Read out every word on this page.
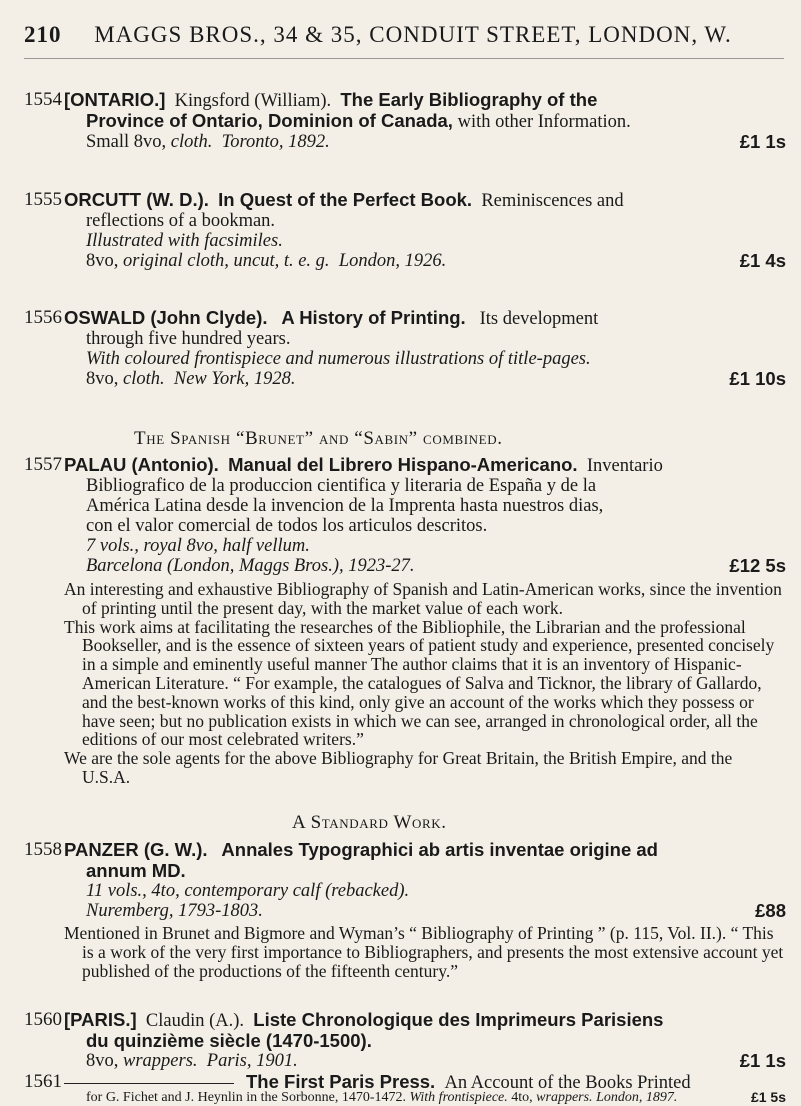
210 MAGGS BROS., 34 & 35, CONDUIT STREET, LONDON, W.
1554 [ONTARIO.] Kingsford (William). The Early Bibliography of the
Province of Ontario, Dominion of Canada, with other Information.
Small 8vo, cloth. Toronto, 1892.	£1 1s
1555 ORCUTT (W. D.). In Quest of the Perfect Book. Reminiscences and
reflections of a bookman.
Illustrated with facsimiles.
8vo, original cloth, uncut, t. e. g. London, 1926.	£1 4s
1556 OSWALD (John Clyde). A History of Printing. Its development
through five hundred years.
With coloured frontispiece and numerous illustrations of title-pages.
8vo, cloth. New York, 1928.	£1 10s
The Spanish “Brunet” and “Sabin” combined.
1557 PALAU (Antonio). Manual del Librero Hispano-Americano. Inventario
Bibliografico de la produccion cientifica y literaria de España y de la
América Latina desde la invencion de la Imprenta hasta nuestros dias,
con el valor comercial de todos los articulos descritos.
7 vols., royal 8vo, half vellum.
Barcelona (London, Maggs Bros.), 1923-27.	£12 5s

An interesting and exhaustive Bibliography of Spanish and Latin-American works, since the invention of printing until the present day, with the market value of each work.

This work aims at facilitating the researches of the Bibliophile, the Librarian and the professional Bookseller, and is the essence of sixteen years of patient study and experience, presented concisely in a simple and eminently useful manner The author claims that it is an inventory of Hispanic-American Literature. “ For example, the catalogues of Salva and Ticknor, the library of Gallardo, and the best-known works of this kind, only give an account of the works which they possess or have seen; but no publication exists in which we can see, arranged in chronological order, all the editions of our most celebrated writers.”

We are the sole agents for the above Bibliography for Great Britain, the British Empire, and the U.S.A.

A Standard Work.
1558 PANZER (G. W.). Annales Typographici ab artis inventae origine ad
annum MD.
11 vols., 4to, contemporary calf (rebacked).
Nuremberg, 1793-1803.	£88

Mentioned in Brunet and Bigmore and Wyman’s “ Bibliography of Printing ” (p. 115, Vol. II.). “ This is a work of the very first importance to Bibliographers, and presents the most extensive account yet published of the productions of the fifteenth century.”

1560 [PARIS.] Claudin (A.). Liste Chronologique des Imprimeurs Parisiens
du quinzième siècle (1470-1500).
8vo, wrappers. Paris, 1901.	£1 1s
1561	The First Paris Press. An Account of the Books Printed
for G. Fichet and J. Heynlin in the Sorbonne, 1470-1472. With frontispiece. 4to, wrappers. London, 1897.	£1 5s
